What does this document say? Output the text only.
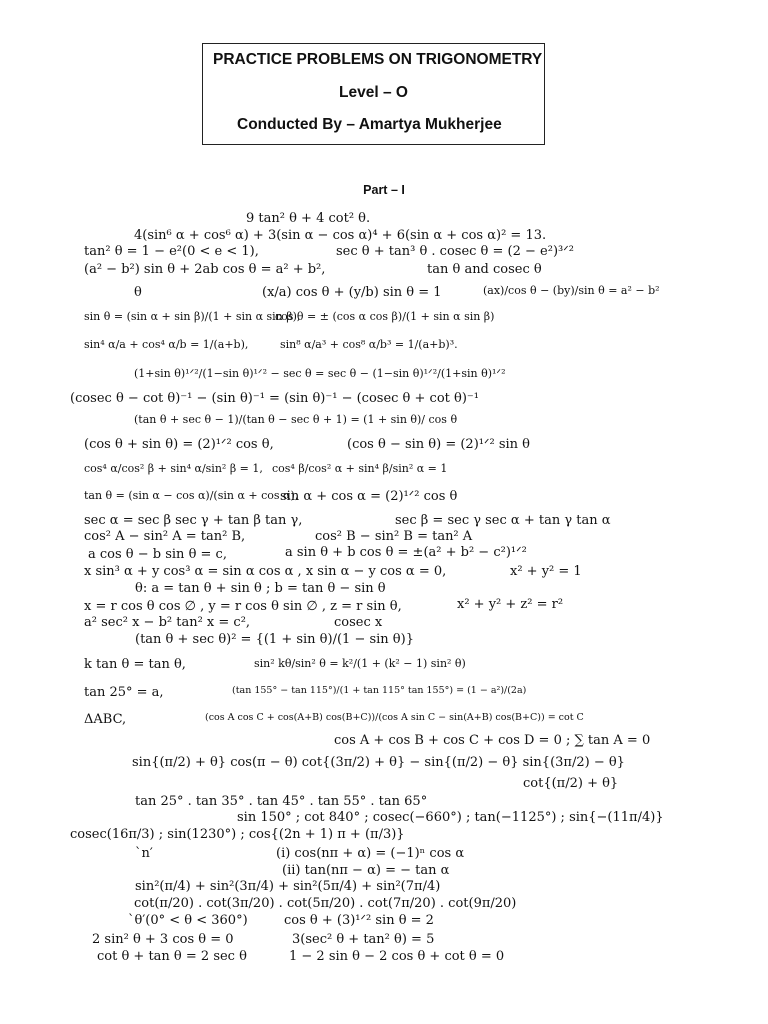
PRACTICE PROBLEMS ON TRIGONOMETRY

Level – O

Conducted By – Amartya Mukherjee

Part – I
9 tan² θ + 4 cot² θ.
4(sin⁶ α + cos⁶ α) + 3(sin α − cos α)⁴ + 6(sin α + cos α)² = 13.
tan² θ = 1 − e²(0 < e < 1),	sec θ + tan³ θ . cosec θ = (2 − e²)³ᐟ²
(a² − b²) sin θ + 2ab cos θ = a² + b²,	tan θ and cosec θ
θ	(x/a) cos θ + (y/b) sin θ = 1	(ax)/cos θ − (by)/sin θ = a² − b²
sin θ = (sin α + sin β)/(1 + sin α sin β),
cos θ = ± (cos α cos β)/(1 + sin α sin β)
sin⁴ α/a + cos⁴ α/b = 1/(a+b),	sin⁸ α/a³ + cos⁸ α/b³ = 1/(a+b)³.
(1+sin θ)¹ᐟ²/(1−sin θ)¹ᐟ² − sec θ = sec θ − (1−sin θ)¹ᐟ²/(1+sin θ)¹ᐟ²
(cosec θ − cot θ)⁻¹ − (sin θ)⁻¹ = (sin θ)⁻¹ − (cosec θ + cot θ)⁻¹
(tan θ + sec θ − 1)/(tan θ − sec θ + 1) = (1 + sin θ)/ cos θ
(cos θ + sin θ) = (2)¹ᐟ² cos θ,	(cos θ − sin θ) = (2)¹ᐟ² sin θ
cos⁴ α/cos² β + sin⁴ α/sin² β = 1, cos⁴ β/cos² α + sin⁴ β/sin² α = 1
tan θ = (sin α − cos α)/(sin α + cos α),
sin α + cos α = (2)¹ᐟ² cos θ
sec α = sec β sec γ + tan β tan γ,	sec β = sec γ sec α + tan γ tan α
cos² A − sin² A = tan² B,	cos² B − sin² B = tan² A
a cos θ − b sin θ = c,	a sin θ + b cos θ = ±(a² + b² − c²)¹ᐟ²
x sin³ α + y cos³ α = sin α cos α , x sin α − y cos α = 0,	x² + y² = 1
θ: a = tan θ + sin θ ; b = tan θ − sin θ
x = r cos θ cos ∅ , y = r cos θ sin ∅ , z = r sin θ,	x² + y² + z² = r²
a² sec² x − b² tan² x = c²,	cosec x
(tan θ + sec θ)² = {(1 + sin θ)/(1 − sin θ)}
k tan θ = tan θ,	sin² kθ/sin² θ = k²/(1 + (k² − 1) sin² θ)
tan 25° = a,	(tan 155° − tan 115°)/(1 + tan 115° tan 155°) = (1 − a²)/(2a)
ΔABC,	(cos A cos C + cos(A+B) cos(B+C))/(cos A sin C − sin(A+B) cos(B+C)) = cot C
cos A + cos B + cos C + cos D = 0 ; ∑ tan A = 0
sin{(π/2) + θ} cos(π − θ) cot{(3π/2) + θ} − sin{(π/2) − θ} sin{(3π/2) − θ}
cot{(π/2) + θ}
tan 25° . tan 35° . tan 45° . tan 55° . tan 65°
sin 150° ; cot 840° ; cosec(−660°) ; tan(−1125°) ; sin{−(11π/4)}
cosec(16π/3) ; sin(1230°) ; cos{(2n + 1) π + (π/3)}
`n′	(i) cos(nπ + α) = (−1)ⁿ cos α
(ii) tan(nπ − α) = − tan α
sin²(π/4) + sin²(3π/4) + sin²(5π/4) + sin²(7π/4)
cot(π/20) . cot(3π/20) . cot(5π/20) . cot(7π/20) . cot(9π/20)
`θ′(0° < θ < 360°)	cos θ + (3)¹ᐟ² sin θ = 2
2 sin² θ + 3 cos θ = 0	3(sec² θ + tan² θ) = 5
cot θ + tan θ = 2 sec θ	1 − 2 sin θ − 2 cos θ + cot θ = 0
